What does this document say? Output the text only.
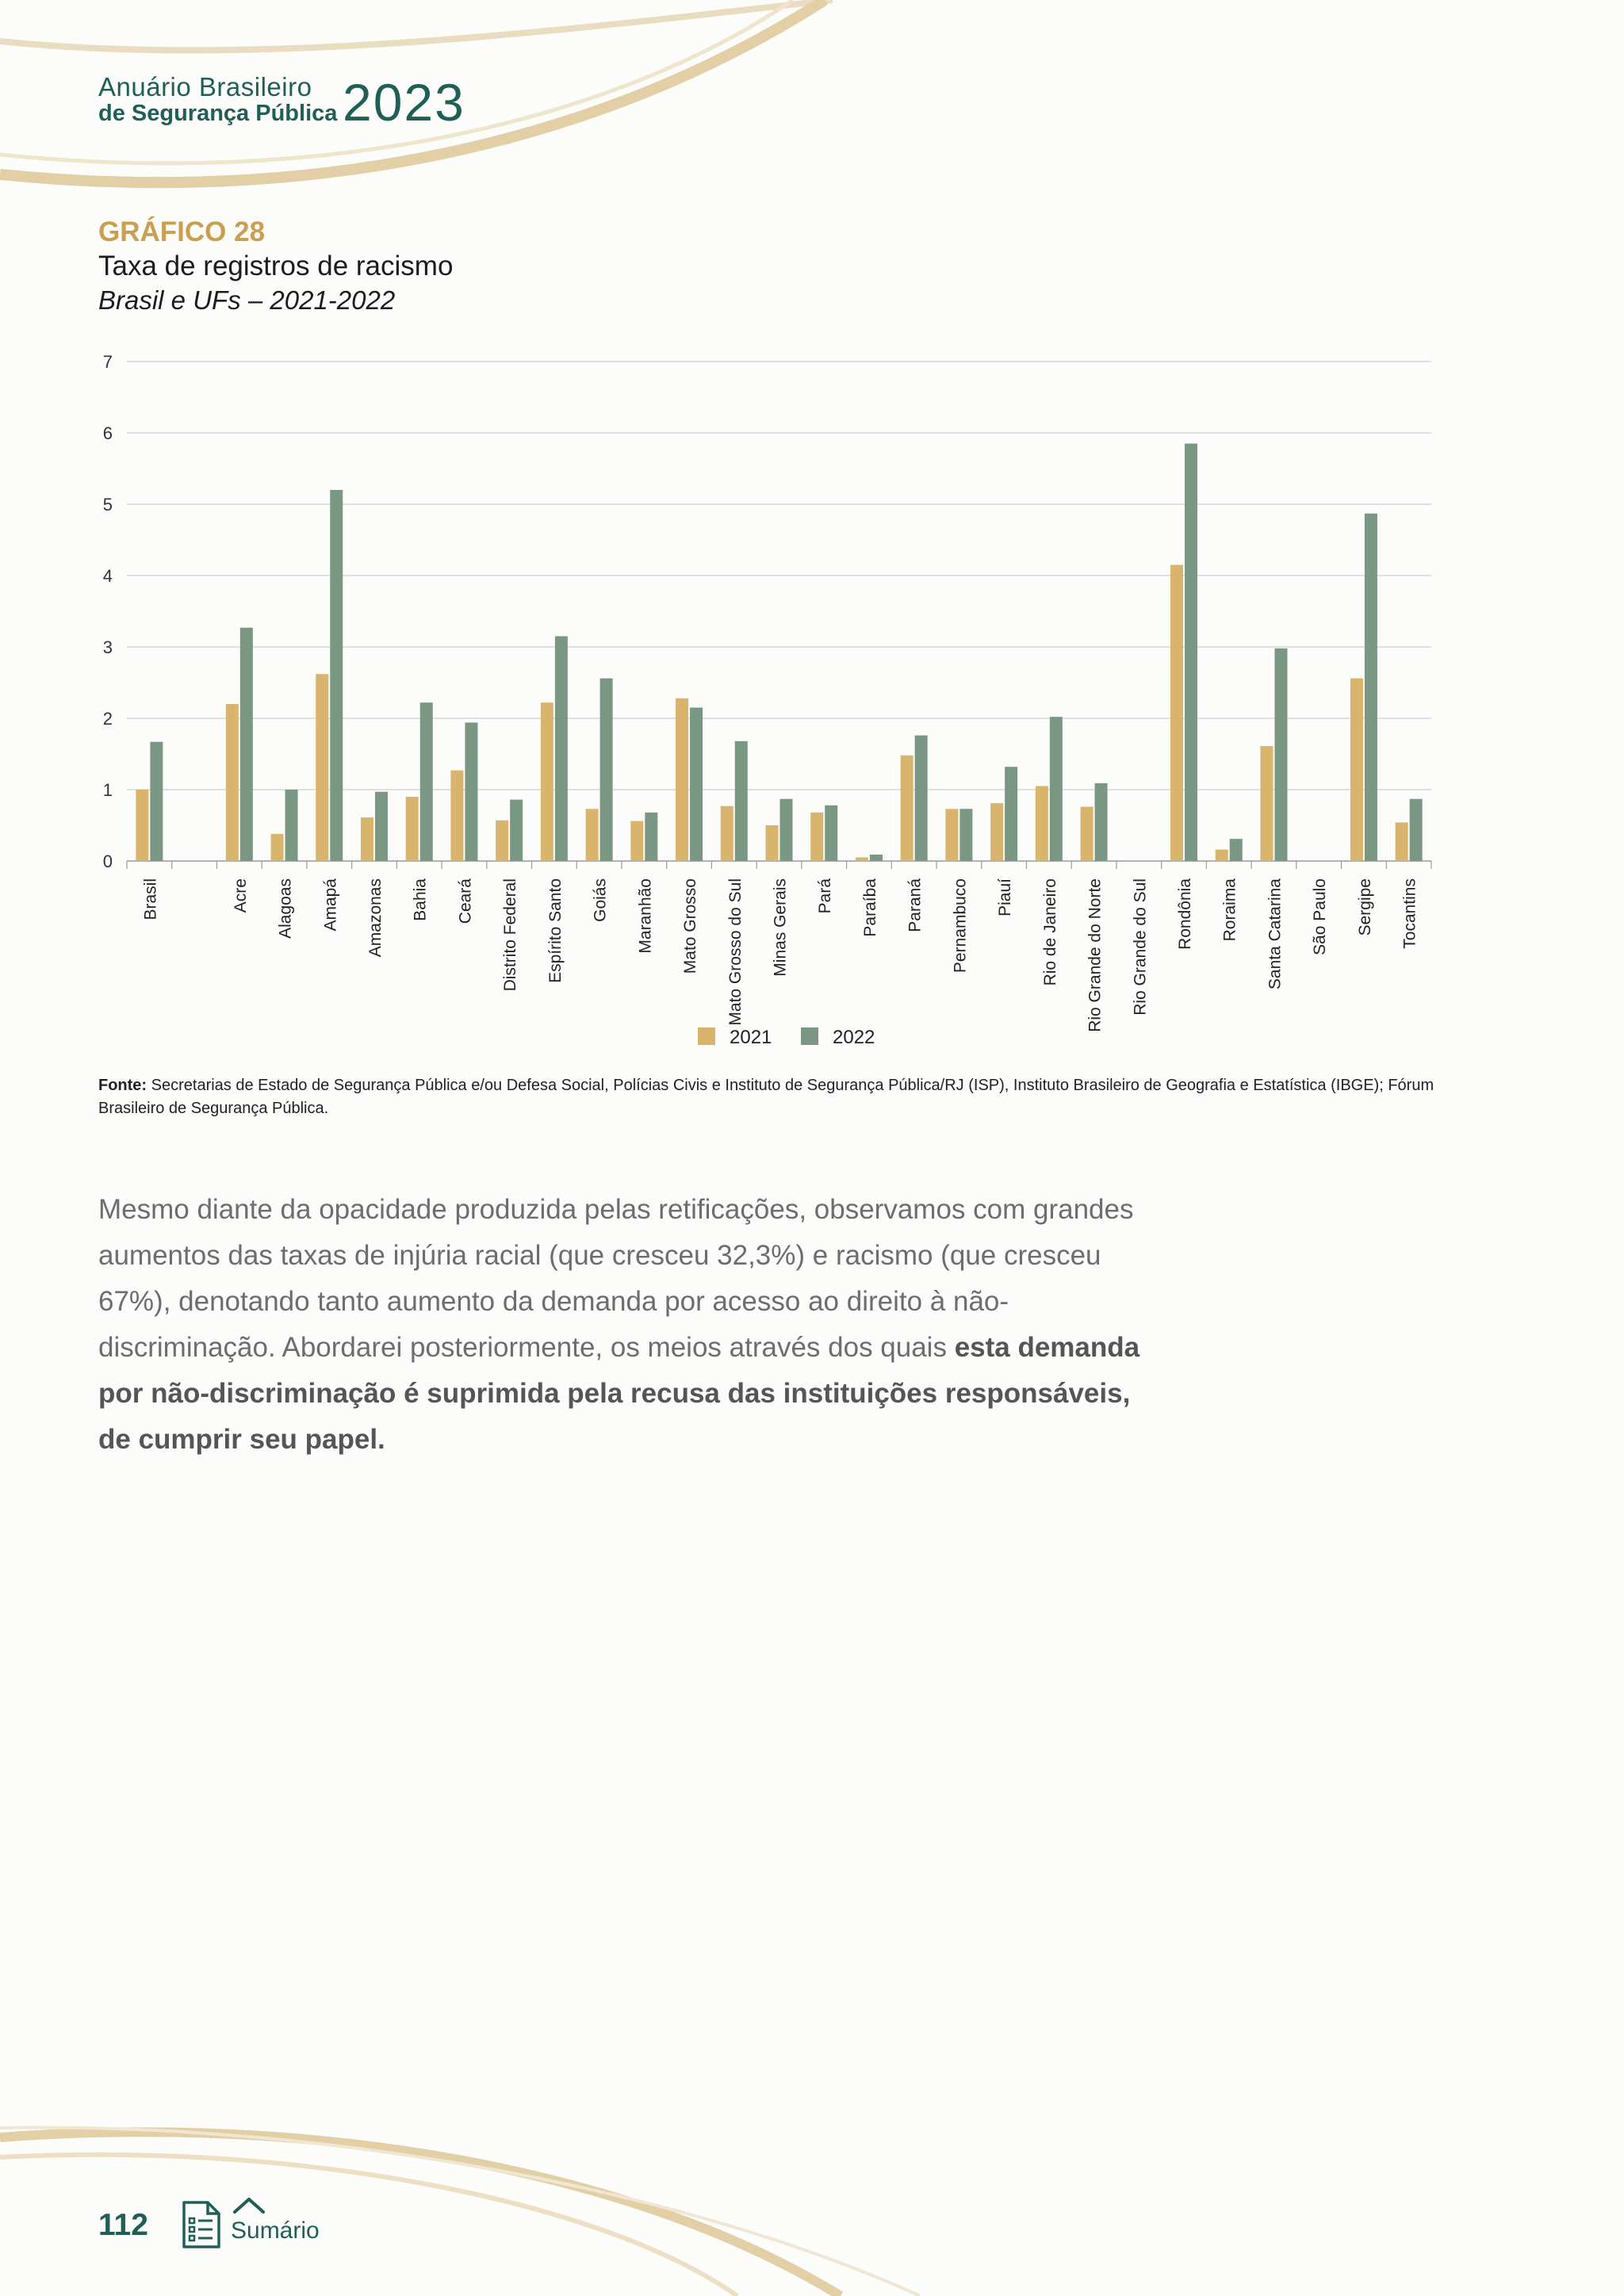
Anuário Brasileiro
de Segurança Pública 2023
GRÁFICO 28
Taxa de registros de racismo
Brasil e UFs – 2021-2022
0
1
2
3
4
5
6
7
Brasil	Acre Alagoas Amapá Amazonas Bahia Ceará Distrito Federal Espírito Santo Goiás Maranhão Mato Grosso Mato Grosso do Sul Minas Gerais Pará Paraíba Paraná Pernambuco Piauí Rio de Janeiro Rio Grande do Norte Rio Grande do Sul Rondônia Roraima Santa Catarina São Paulo Sergipe Tocantins
2021	2022
Fonte: Secretarias de Estado de Segurança Pública e/ou Defesa Social, Polícias Civis e Instituto de Segurança Pública/RJ (ISP), Instituto Brasileiro de Geografia e Estatística (IBGE); Fórum Brasileiro de Segurança Pública.
Mesmo diante da opacidade produzida pelas retificações, observamos com grandes aumentos das taxas de injúria racial (que cresceu 32,3%) e racismo (que cresceu 67%), denotando tanto aumento da demanda por acesso ao direito à não-discriminação. Abordarei posteriormente, os meios através dos quais esta demanda por não-discriminação é suprimida pela recusa das instituições responsáveis, de cumprir seu papel.
112	Sumário
